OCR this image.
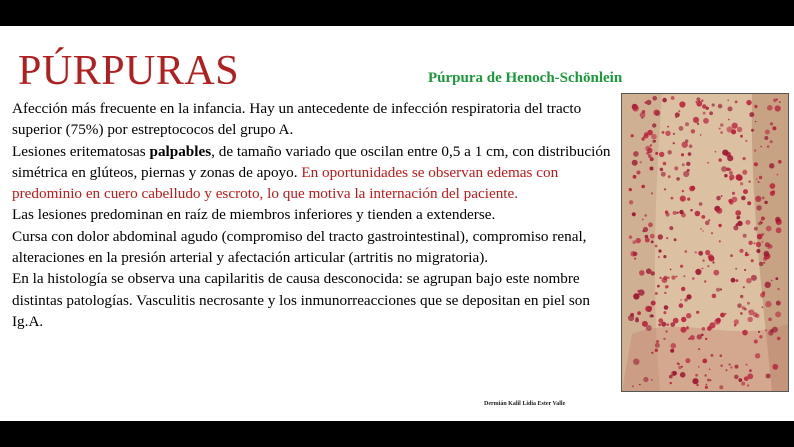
PÚRPURAS	Púrpura de Henoch-Schönlein

Afección más frecuente en la infancia. Hay un antecedente de infección respiratoria del tracto superior (75%) por estreptococos del grupo A.

Lesiones eritematosas palpables, de tamaño variado que oscilan entre 0,5 a 1 cm, con distribución simétrica en glúteos, piernas y zonas de apoyo. En oportunidades se observan edemas con predominio en cuero cabelludo y escroto, lo que motiva la internación del paciente.

Las lesiones predominan en raíz de miembros inferiores y tienden a extenderse.

Cursa con dolor abdominal agudo (compromiso del tracto gastrointestinal), compromiso renal, alteraciones en la presión arterial y afectación articular (artritis no migratoria).

En la histología se observa una capilaritis de causa desconocida: se agrupan bajo este nombre distintas patologías. Vasculitis necrosante y los inmunorreacciones que se depositan en piel son Ig.A.

Dermián Kalil Lidia Ester Valle
